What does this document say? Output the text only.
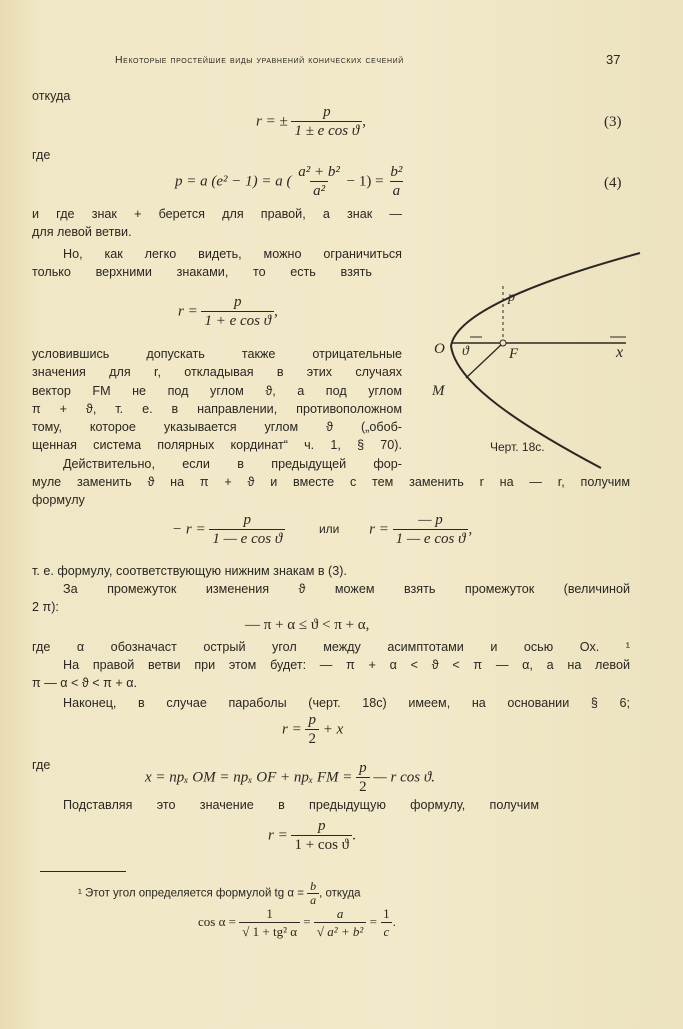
Некоторые простейшие виды уравнений конических сечений	37
откуда
r = ± $\frac{p}{\text{1 ± e cos ϑ}}$ ,	(3)
где
p = a (e² − 1) = a ( $\frac{\text{a² + b²}}{\text{a²}} - 1) = \frac{\text{b²}}{a}$	(4)
и где знак + берется для правой, а знак —
для левой ветви.
Но, как легко видеть, можно ограничиться
только верхними знаками, то есть взять
$r = \frac{p}{\text{1 + e cos ϑ}}$ ,
условившись допускать также отрицательные
значения для r, откладывая в этих случаях
вектор FM не под углом ϑ, а под углом
π + ϑ, т. е. в направлении, противоположном
тому, которое указывается углом ϑ („обоб-
щенная система полярных кординат“ ч. 1, § 70).
Действительно, если в предыдущей фор-
муле заменить ϑ на π + ϑ и вместе с тем заменить r на — r, получим
формулу
O ϑ	F	x
M
p
Черт. 18с.
− $r = \frac{p}{\text{1 — e cos ϑ}}$	или $r = \frac{— p}{\text{1 — e cos ϑ}}$ ,
т. е. формулу, соответствующую нижним знакам в (3).
За промежуток изменения ϑ можем взять промежуток (величиной
2 π):
— π + α ≤ ϑ < π + α,
где α обозначаст острый угол между асимптотами и осью Ox. ¹
На правой ветви при этом будет: — π + α < ϑ < π — α, а на левой
π — α < ϑ < π + α.
Наконец, в случае параболы (черт. 18с) имеем, на основании § 6;
$r = \frac{p}{2} + x$
где
x = прₓ OM = прₓ OF + прₓ FM = $\frac{p}{2}$ — r cos ϑ.
Подставляя это значение в предыдущую формулу, получим
$r = \frac{p}{\text{1 + cos ϑ}}$ .
¹ Этот угол определяется формулой tg $\alpha = \frac{b}{a}$ , откуда
$\cos \alpha = \frac{1}{\text{√ 1 + tg² α}} = \frac{a}{\text{√ a² + b²}} = \frac{1}{c}$ .
